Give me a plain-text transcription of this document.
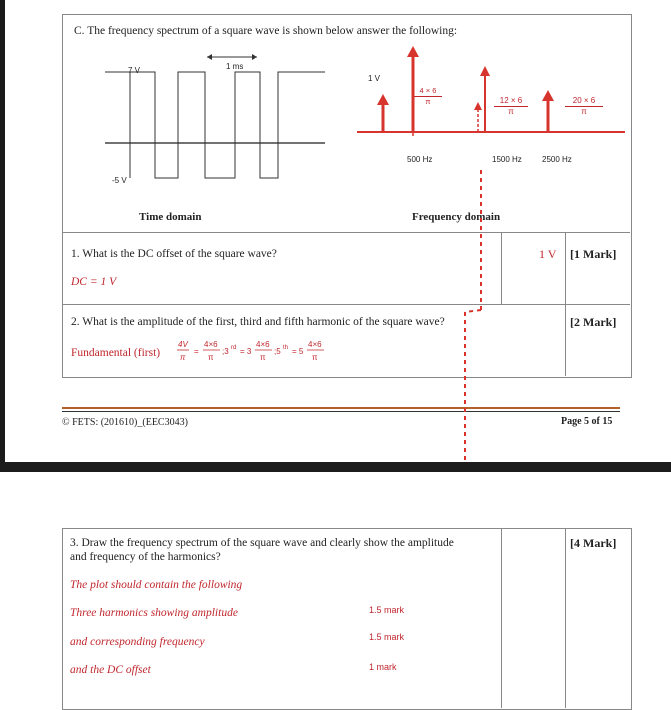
C. The frequency spectrum of a square wave is shown below answer the following:
1 ms
7 V
-5 V
Time domain
1 V
4 × 6
π	12 × 6
π
20 × 6
π
500 Hz	1500 Hz	2500 Hz
Frequency domain
1. What is the DC offset of the square wave?
DC = 1 V
1 V [1 Mark]
2. What is the amplitude of the first, third and fifth harmonic of the square wave?	[2 Mark]
Fundamental (first)
4V
π
=
4×6
π
;3 rd = 3
4×6
π
;5 th = 5
4×6
π
© FETS: (201610)_(EEC3043)	Page 5 of 15
3. Draw the frequency spectrum of the square wave and clearly show the amplitude
and frequency of the harmonics?
[4 Mark]
The plot should contain the following
Three harmonics showing amplitude	1.5 mark
and corresponding frequency	1.5 mark
and the DC offset	1 mark
